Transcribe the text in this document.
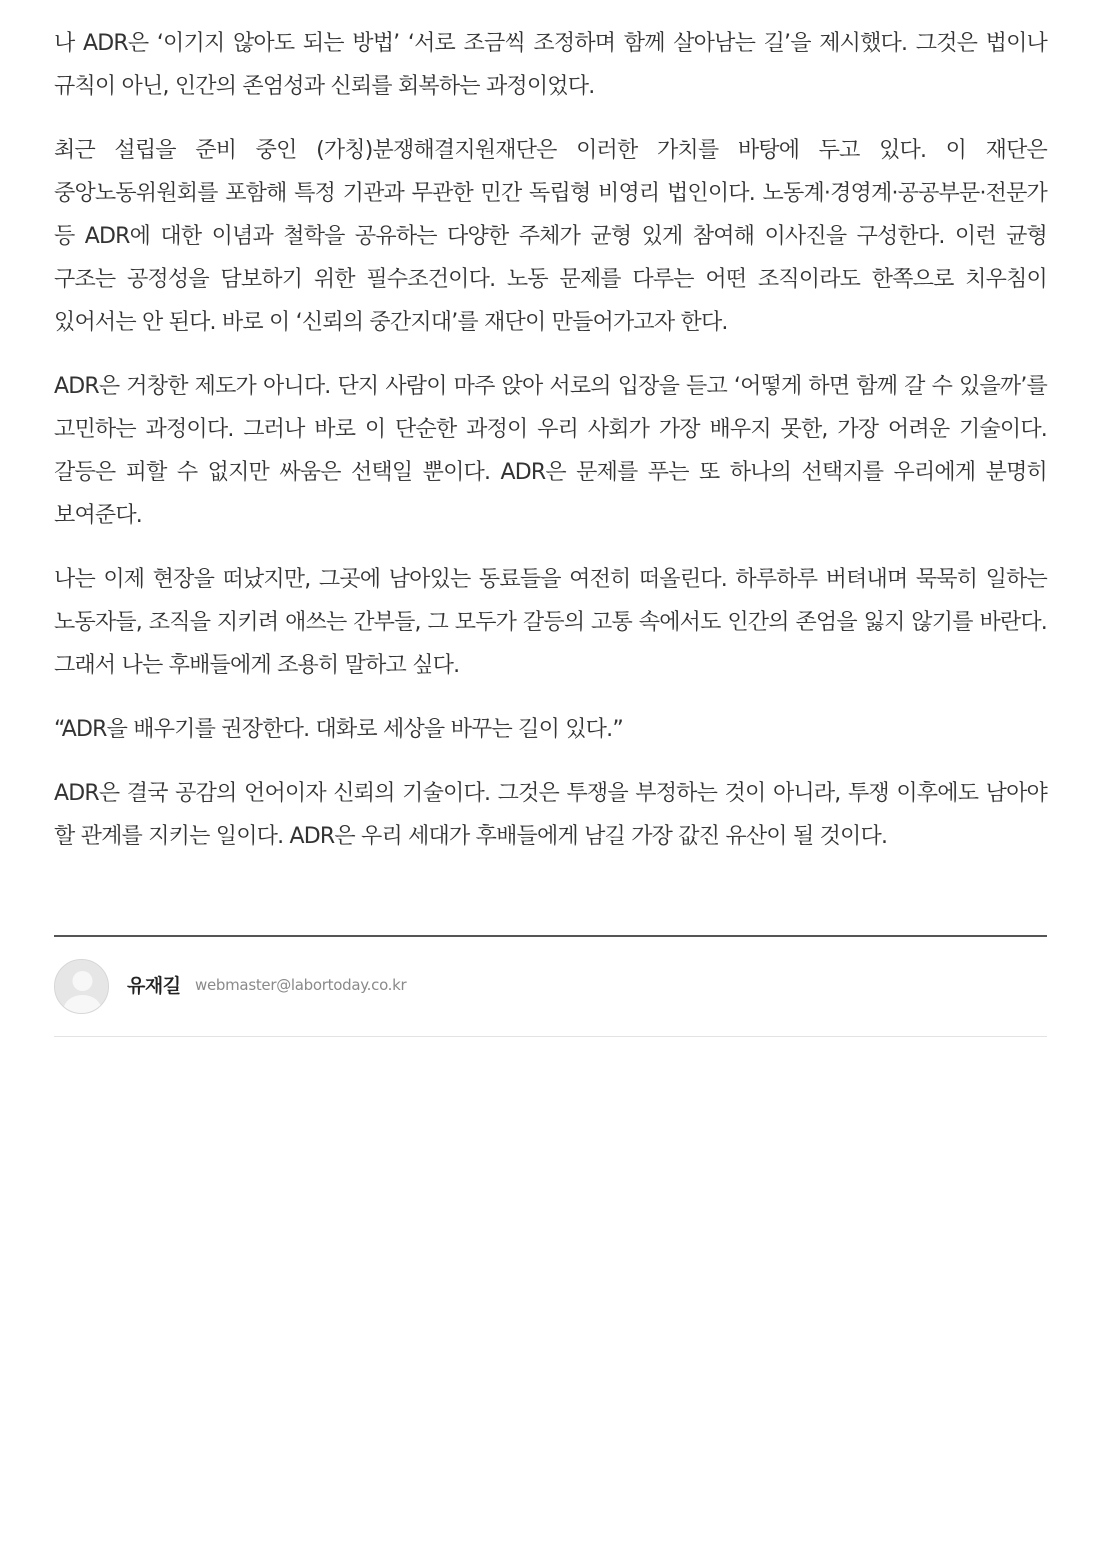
나 ADR은 ‘이기지 않아도 되는 방법’ ‘서로 조금씩 조정하며 함께 살아남는 길’을 제시했다. 그것은 법이나 규칙이 아닌, 인간의 존엄성과 신뢰를 회복하는 과정이었다.

최근 설립을 준비 중인 (가칭)분쟁해결지원재단은 이러한 가치를 바탕에 두고 있다. 이 재단은 중앙노동위원회를 포함해 특정 기관과 무관한 민간 독립형 비영리 법인이다. 노동계·경영계·공공부문·전문가 등 ADR에 대한 이념과 철학을 공유하는 다양한 주체가 균형 있게 참여해 이사진을 구성한다. 이런 균형 구조는 공정성을 담보하기 위한 필수조건이다. 노동 문제를 다루는 어떤 조직이라도 한쪽으로 치우침이 있어서는 안 된다. 바로 이 ‘신뢰의 중간지대’를 재단이 만들어가고자 한다.

ADR은 거창한 제도가 아니다. 단지 사람이 마주 앉아 서로의 입장을 듣고 ‘어떻게 하면 함께 갈 수 있을까’를 고민하는 과정이다. 그러나 바로 이 단순한 과정이 우리 사회가 가장 배우지 못한, 가장 어려운 기술이다. 갈등은 피할 수 없지만 싸움은 선택일 뿐이다. ADR은 문제를 푸는 또 하나의 선택지를 우리에게 분명히 보여준다.

나는 이제 현장을 떠났지만, 그곳에 남아있는 동료들을 여전히 떠올린다. 하루하루 버텨내며 묵묵히 일하는 노동자들, 조직을 지키려 애쓰는 간부들, 그 모두가 갈등의 고통 속에서도 인간의 존엄을 잃지 않기를 바란다. 그래서 나는 후배들에게 조용히 말하고 싶다.

“ADR을 배우기를 권장한다. 대화로 세상을 바꾸는 길이 있다.”

ADR은 결국 공감의 언어이자 신뢰의 기술이다. 그것은 투쟁을 부정하는 것이 아니라, 투쟁 이후에도 남아야 할 관계를 지키는 일이다. ADR은 우리 세대가 후배들에게 남길 가장 값진 유산이 될 것이다.

유재길 webmaster@labortoday.co.kr
